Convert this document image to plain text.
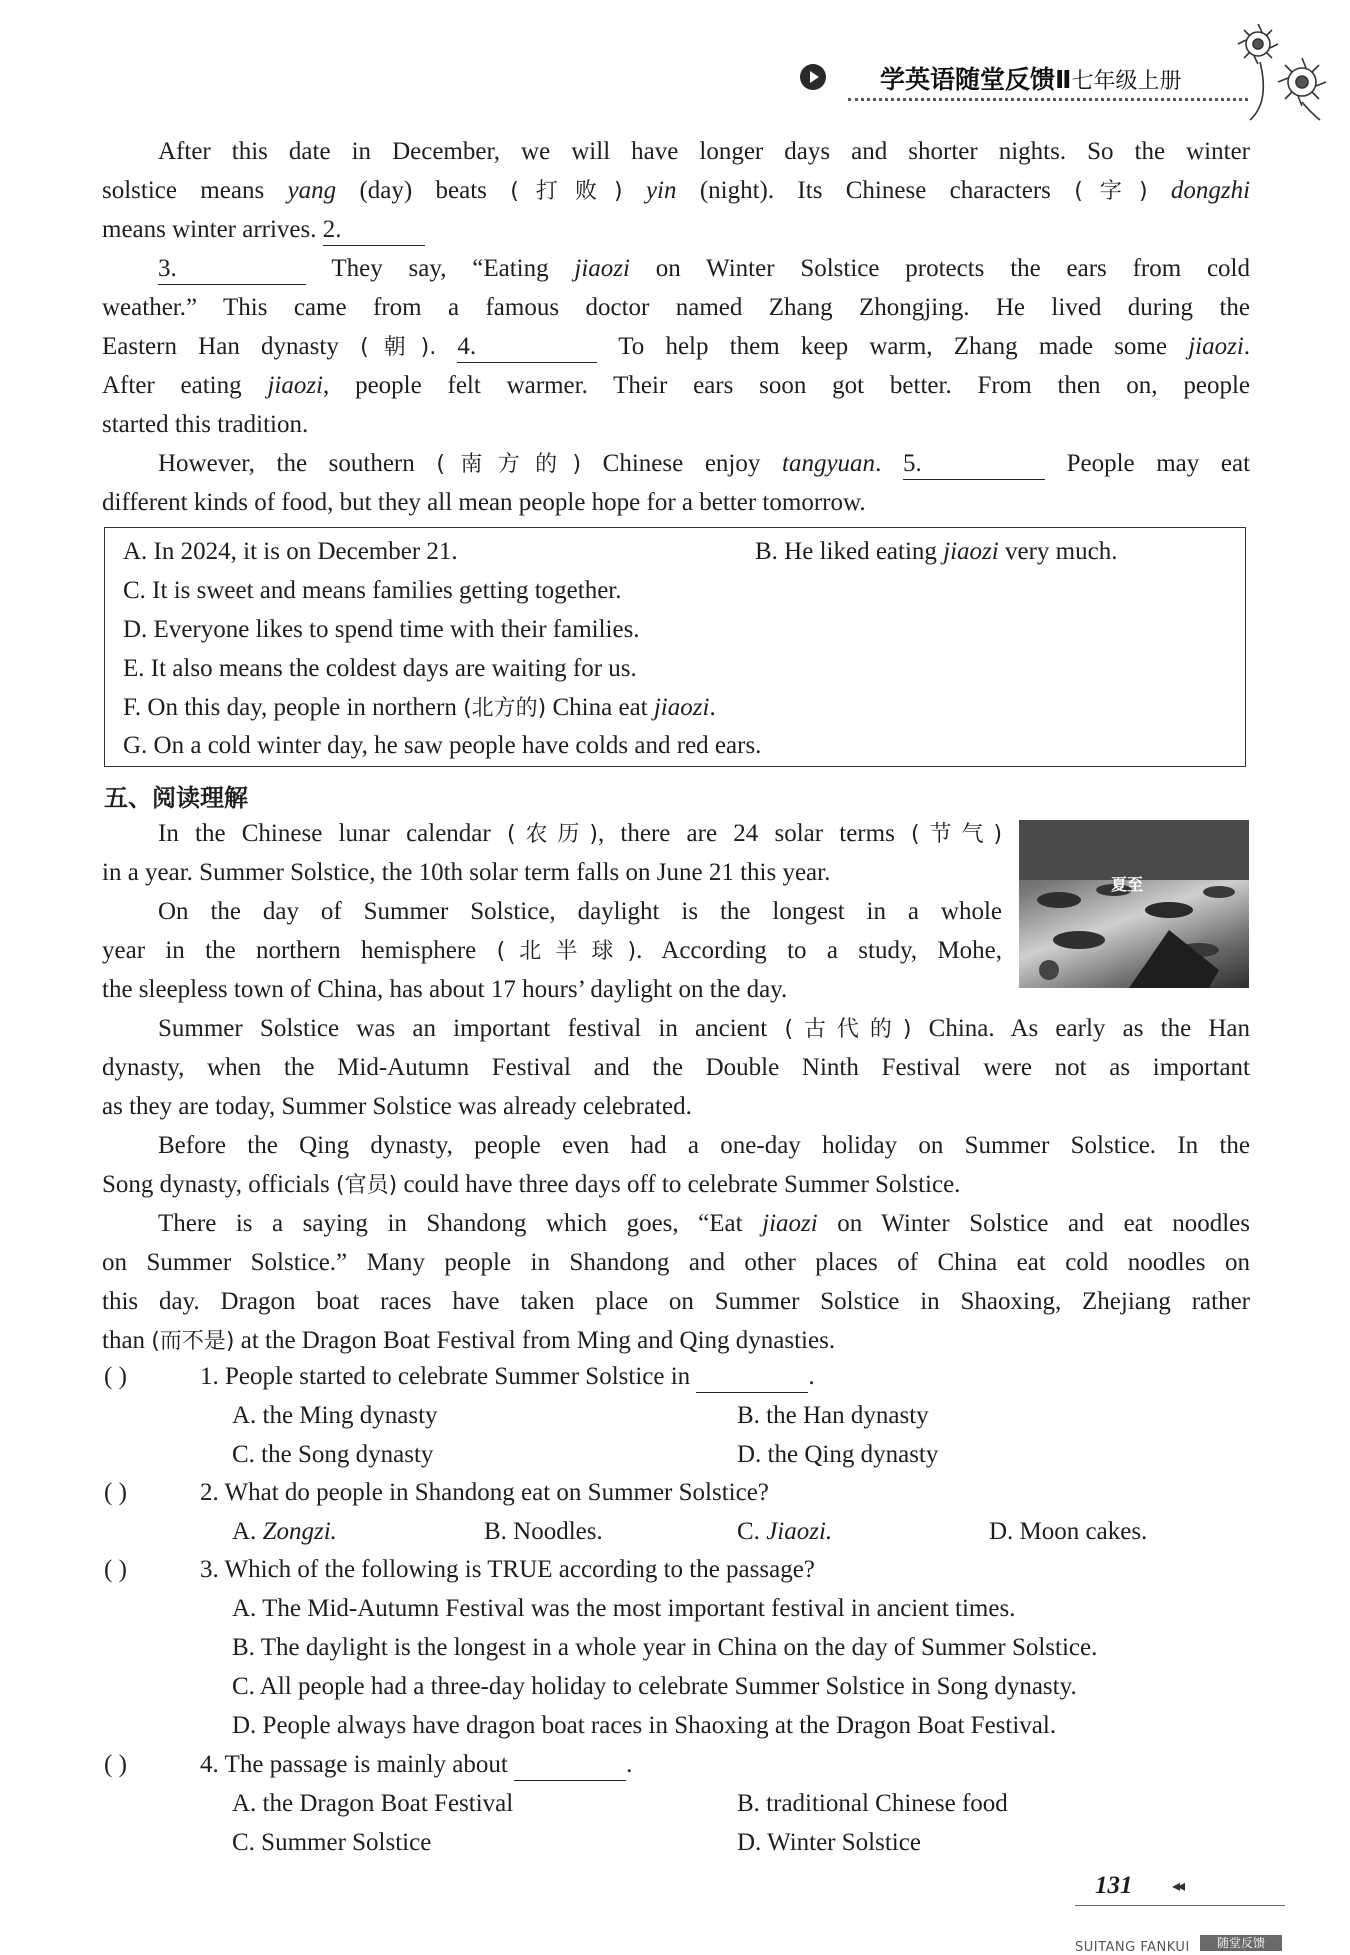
学英语随堂反馈Ⅱ七年级上册

After this date in December, we will have longer days and shorter nights. So the winter

solstice means yang (day) beats (打败) yin (night). Its Chinese characters (字) dongzhi

means winter arrives. 2.

3.	They say, “Eating jiaozi on Winter Solstice protects the ears from cold

weather.” This came from a famous doctor named Zhang Zhongjing. He lived during the

Eastern Han dynasty (朝). 4.	To help them keep warm, Zhang made some jiaozi.

After eating jiaozi, people felt warmer. Their ears soon got better. From then on, people

started this tradition.

However, the southern (南方的) Chinese enjoy tangyuan. 5.	People may eat

different kinds of food, but they all mean people hope for a better tomorrow.

A. In 2024, it is on December 21.	B. He liked eating jiaozi very much.
C. It is sweet and means families getting together.
D. Everyone likes to spend time with their families.
E. It also means the coldest days are waiting for us.
F. On this day, people in northern (北方的) China eat jiaozi.
G. On a cold winter day, he saw people have colds and red ears.
五、阅读理解
夏至

In the Chinese lunar calendar (农历), there are 24 solar terms (节气)

in a year. Summer Solstice, the 10th solar term falls on June 21 this year.

On the day of Summer Solstice, daylight is the longest in a whole

year in the northern hemisphere (北半球). According to a study, Mohe,

the sleepless town of China, has about 17 hours’ daylight on the day.

Summer Solstice was an important festival in ancient (古代的) China. As early as the Han

dynasty, when the Mid-Autumn Festival and the Double Ninth Festival were not as important

as they are today, Summer Solstice was already celebrated.

Before the Qing dynasty, people even had a one-day holiday on Summer Solstice. In the

Song dynasty, officials (官员) could have three days off to celebrate Summer Solstice.

There is a saying in Shandong which goes, “Eat jiaozi on Winter Solstice and eat noodles

on Summer Solstice.” Many people in Shandong and other places of China eat cold noodles on

this day. Dragon boat races have taken place on Summer Solstice in Shaoxing, Zhejiang rather

than (而不是) at the Dragon Boat Festival from Ming and Qing dynasties.

( )	1. People started to celebrate Summer Solstice in	.
A. the Ming dynasty	B. the Han dynasty
C. the Song dynasty	D. the Qing dynasty
( )	2. What do people in Shandong eat on Summer Solstice?
A. Zongzi.	B. Noodles.	C. Jiaozi.	D. Moon cakes.
( )	3. Which of the following is TRUE according to the passage?
A. The Mid-Autumn Festival was the most important festival in ancient times.
B. The daylight is the longest in a whole year in China on the day of Summer Solstice.
C. All people had a three-day holiday to celebrate Summer Solstice in Song dynasty.
D. People always have dragon boat races in Shaoxing at the Dragon Boat Festival.
( )	4. The passage is mainly about	.
A. the Dragon Boat Festival	B. traditional Chinese food
C. Summer Solstice	D. Winter Solstice
131 ◂◂
SUITANG FANKUI	随堂反馈
